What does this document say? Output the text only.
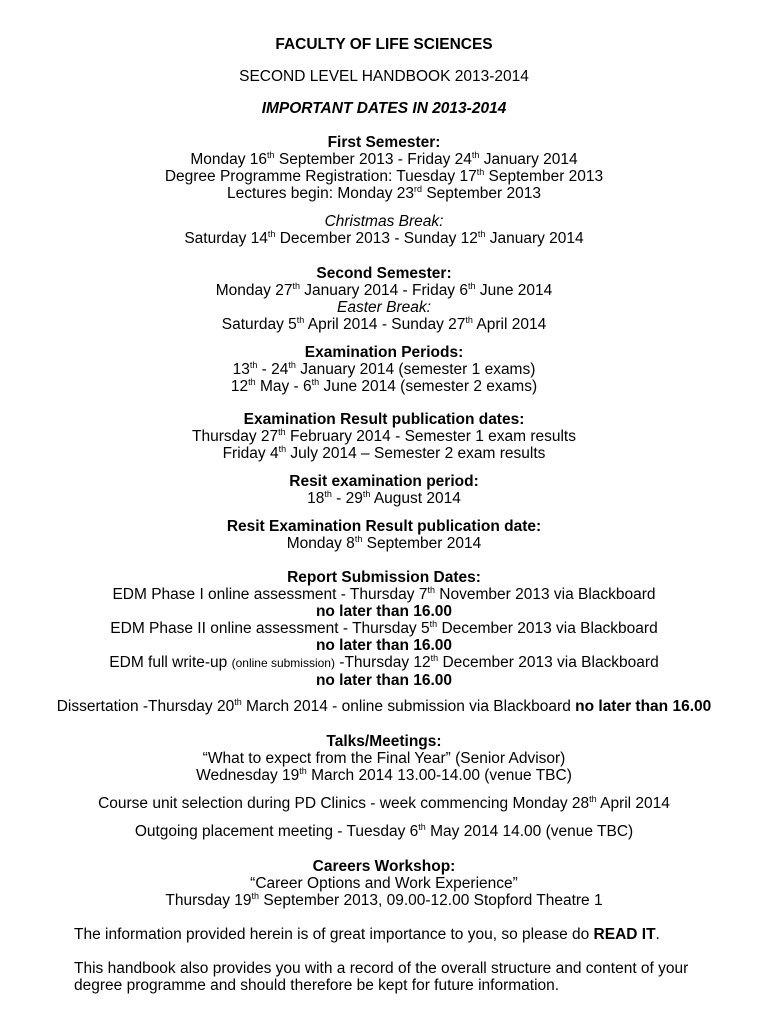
FACULTY OF LIFE SCIENCES
SECOND LEVEL HANDBOOK 2013-2014
IMPORTANT DATES IN 2013-2014
First Semester:
Monday 16th September 2013 - Friday 24th January 2014
Degree Programme Registration: Tuesday 17th September 2013
Lectures begin: Monday 23rd September 2013
Christmas Break:
Saturday 14th December 2013 - Sunday 12th January 2014
Second Semester:
Monday 27th January 2014 - Friday 6th June 2014
Easter Break:
Saturday 5th April 2014 - Sunday 27th April 2014
Examination Periods:
13th - 24th January 2014 (semester 1 exams)
12th May - 6th June 2014 (semester 2 exams)
Examination Result publication dates:
Thursday 27th February 2014 - Semester 1 exam results
Friday 4th July 2014 – Semester 2 exam results
Resit examination period:
18th - 29th August 2014
Resit Examination Result publication date:
Monday 8th September 2014
Report Submission Dates:
EDM Phase I online assessment - Thursday 7th November 2013 via Blackboard
no later than 16.00
EDM Phase II online assessment - Thursday 5th December 2013 via Blackboard
no later than 16.00
EDM full write-up (online submission) -Thursday 12th December 2013 via Blackboard
no later than 16.00
Dissertation -Thursday 20th March 2014 - online submission via Blackboard no later than 16.00
Talks/Meetings:
“What to expect from the Final Year” (Senior Advisor)
Wednesday 19th March 2014 13.00-14.00 (venue TBC)
Course unit selection during PD Clinics - week commencing Monday 28th April 2014
Outgoing placement meeting - Tuesday 6th May 2014 14.00 (venue TBC)
Careers Workshop:
“Career Options and Work Experience”
Thursday 19th September 2013, 09.00-12.00 Stopford Theatre 1
The information provided herein is of great importance to you, so please do READ IT.
This handbook also provides you with a record of the overall structure and content of your degree programme and should therefore be kept for future information.
